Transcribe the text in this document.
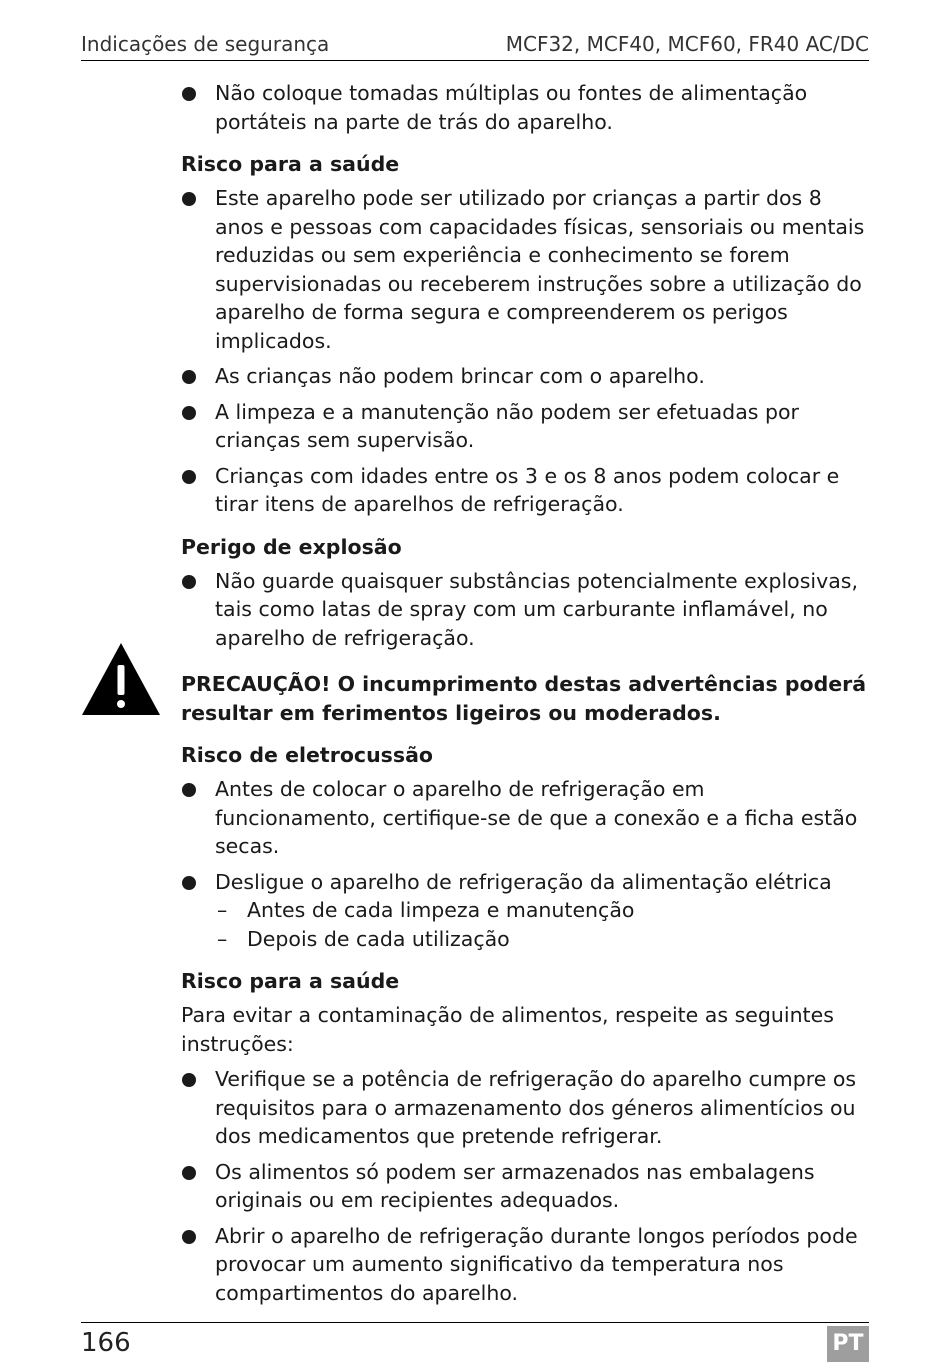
Indicações de segurança	MCF32, MCF40, MCF60, FR40 AC/DC
Não coloque tomadas múltiplas ou fontes de alimentação portáteis na parte de trás do aparelho.
Risco para a saúde
Este aparelho pode ser utilizado por crianças a partir dos 8 anos e pessoas com capacidades físicas, sensoriais ou mentais reduzidas ou sem experiência e conhecimento se forem supervisionadas ou receberem instruções sobre a utilização do aparelho de forma segura e compreenderem os perigos implicados.
As crianças não podem brincar com o aparelho.
A limpeza e a manutenção não podem ser efetuadas por crianças sem supervisão.
Crianças com idades entre os 3 e os 8 anos podem colocar e tirar itens de aparelhos de refrigeração.
Perigo de explosão
Não guarde quaisquer substâncias potencialmente explosivas, tais como latas de spray com um carburante inflamável, no aparelho de refrigeração.
PRECAUÇÃO! O incumprimento destas advertências poderá resultar em ferimentos ligeiros ou moderados.
Risco de eletrocussão
Antes de colocar o aparelho de refrigeração em funcionamento, certifique-se de que a conexão e a ficha estão secas.
Desligue o aparelho de refrigeração da alimentação elétrica
– Antes de cada limpeza e manutenção
– Depois de cada utilização
Risco para a saúde
Para evitar a contaminação de alimentos, respeite as seguintes instruções:
Verifique se a potência de refrigeração do aparelho cumpre os requisitos para o armazenamento dos géneros alimentícios ou dos medicamentos que pretende refrigerar.
Os alimentos só podem ser armazenados nas embalagens originais ou em recipientes adequados.
Abrir o aparelho de refrigeração durante longos períodos pode provocar um aumento significativo da temperatura nos compartimentos do aparelho.
166	PT
